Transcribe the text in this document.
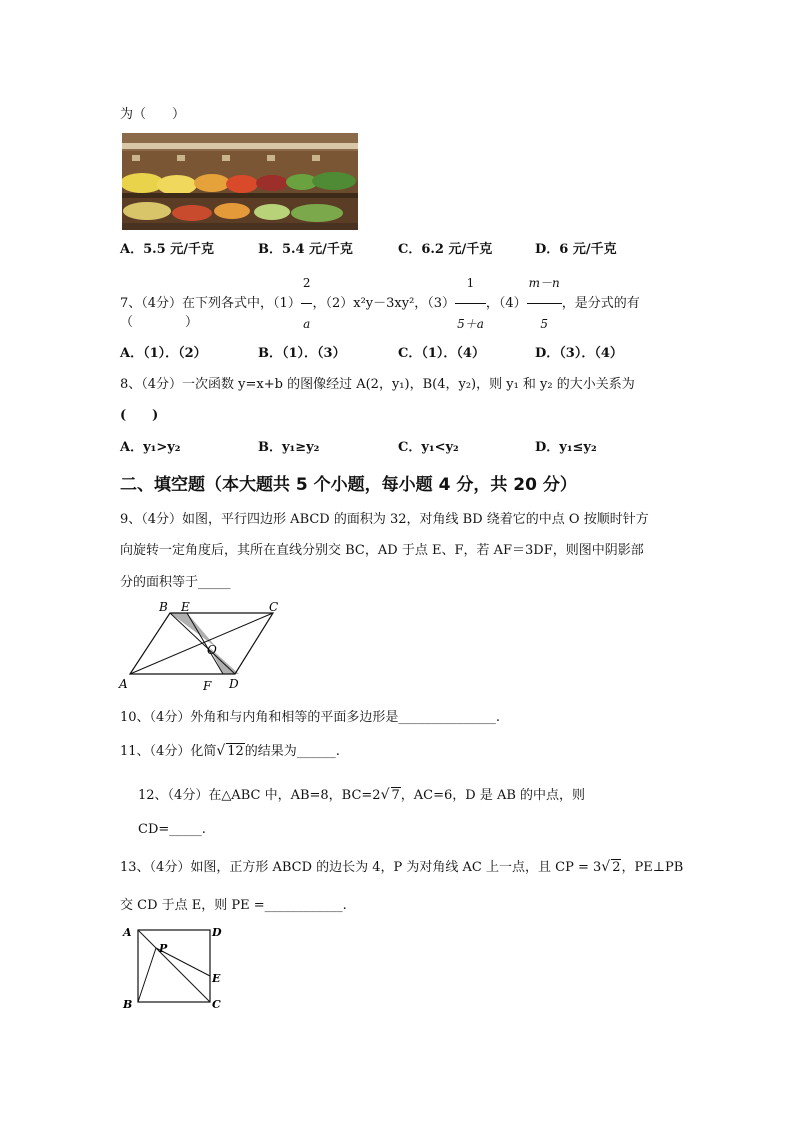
为（　　）
A．5.5 元/千克	B．5.4 元/千克	C．6.2 元/千克	D．6 元/千克
7、（4分）在下列各式中，$(1) \frac{2}{a}$ ，（2）x²y－3xy²，$(3) \frac{1}{5+a}$ ，$(4) \frac{m-n}{5}$ ，是分式的有
（　　　　）
A．（1）．（2）	B．（1）．（3）	C．（1）．（4）	D．（3）．（4）
8、（4分）一次函数 y=x+b 的图像经过 A(2，y₁)，B(4，y₂)，则 y₁ 和 y₂ 的大小关系为
(　　)
A．y₁>y₂	B．y₁≥y₂	C．y₁<y₂	D．y₁≤y₂
二、填空题（本大题共 5 个小题，每小题 4 分，共 20 分）
9、（4分）如图，平行四边形 ABCD 的面积为 32，对角线 BD 绕着它的中点 O 按顺时针方
向旋转一定角度后，其所在直线分别交 BC，AD 于点 E、F，若 AF＝3DF，则图中阴影部
分的面积等于_____
B E	C
O
A	F D
10、（4分）外角和与内角和相等的平面多边形是_______________.
11、（4分）化简√ 12的结果为______.
12、（4分）在△ABC 中，AB=8，BC=2√ 7，AC=6，D 是 AB 的中点，则
CD=_____.
13、（4分）如图，正方形 ABCD 的边长为 4，P 为对角线 AC 上一点，且 CP = 3√ 2，PE⊥PB
交 CD 于点 E，则 PE =____________.
A	D
P
E
B	C
